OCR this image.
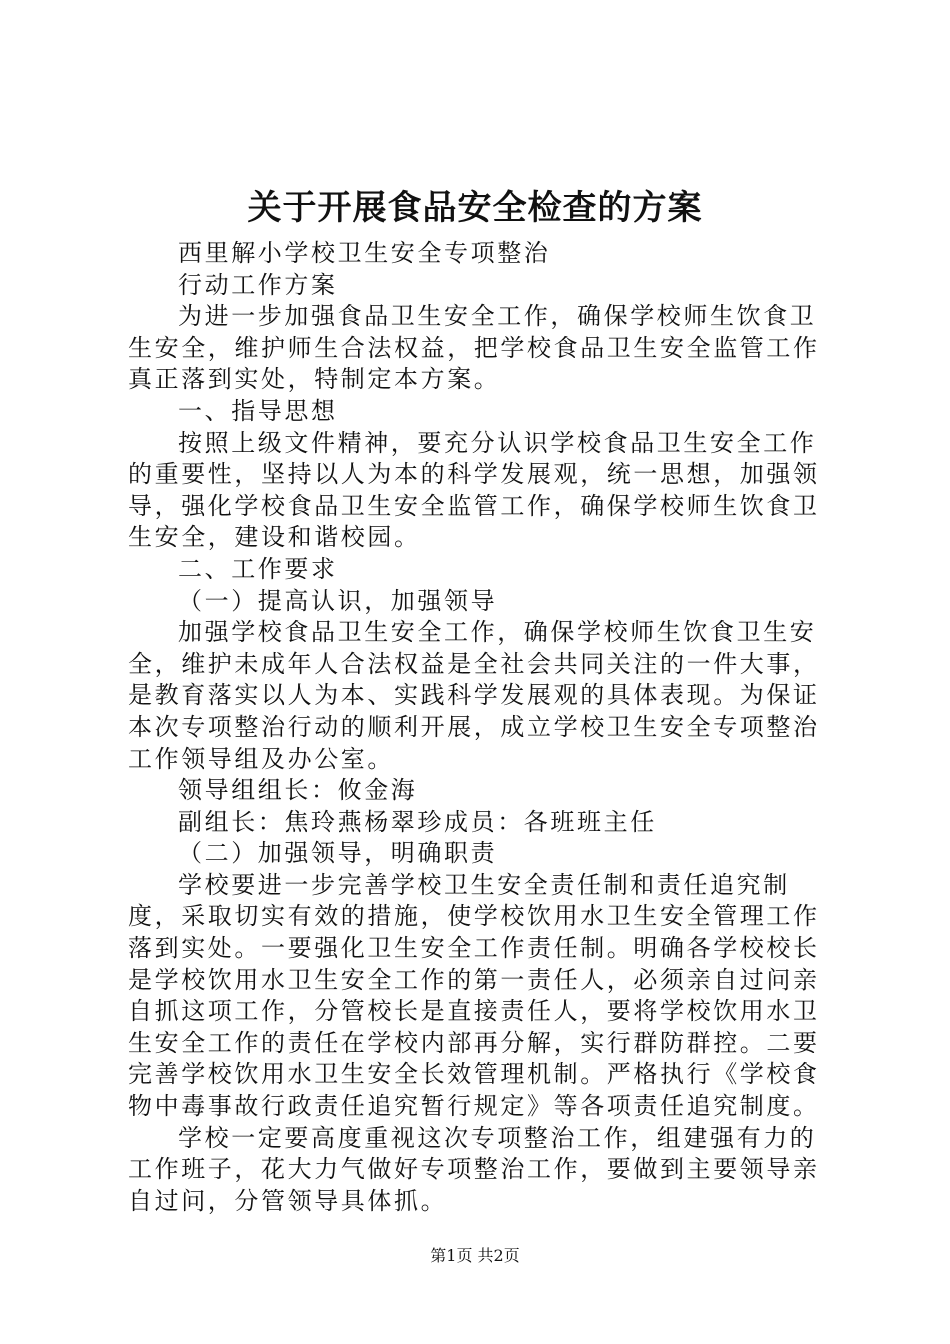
关于开展食品安全检查的方案

西里解小学校卫生安全专项整治

行动工作方案

为进一步加强食品卫生安全工作，确保学校师生饮食卫生安全，维护师生合法权益，把学校食品卫生安全监管工作真正落到实处，特制定本方案。

一、指导思想

按照上级文件精神，要充分认识学校食品卫生安全工作的重要性，坚持以人为本的科学发展观，统一思想，加强领导，强化学校食品卫生安全监管工作，确保学校师生饮食卫生安全，建设和谐校园。

二、工作要求

（一）提高认识，加强领导

加强学校食品卫生安全工作，确保学校师生饮食卫生安全，维护未成年人合法权益是全社会共同关注的一件大事，是教育落实以人为本、实践科学发展观的具体表现。为保证本次专项整治行动的顺利开展，成立学校卫生安全专项整治工作领导组及办公室。

领导组组长：攸金海

副组长：焦玲燕杨翠珍成员：各班班主任

（二）加强领导，明确职责

学校要进一步完善学校卫生安全责任制和责任追究制度，采取切实有效的措施，使学校饮用水卫生安全管理工作落到实处。一要强化卫生安全工作责任制。明确各学校校长是学校饮用水卫生安全工作的第一责任人，必须亲自过问亲自抓这项工作，分管校长是直接责任人，要将学校饮用水卫生安全工作的责任在学校内部再分解，实行群防群控。二要完善学校饮用水卫生安全长效管理机制。严格执行《学校食物中毒事故行政责任追究暂行规定》等各项责任追究制度。

学校一定要高度重视这次专项整治工作，组建强有力的工作班子，花大力气做好专项整治工作，要做到主要领导亲自过问，分管领导具体抓。

第1页 共2页
